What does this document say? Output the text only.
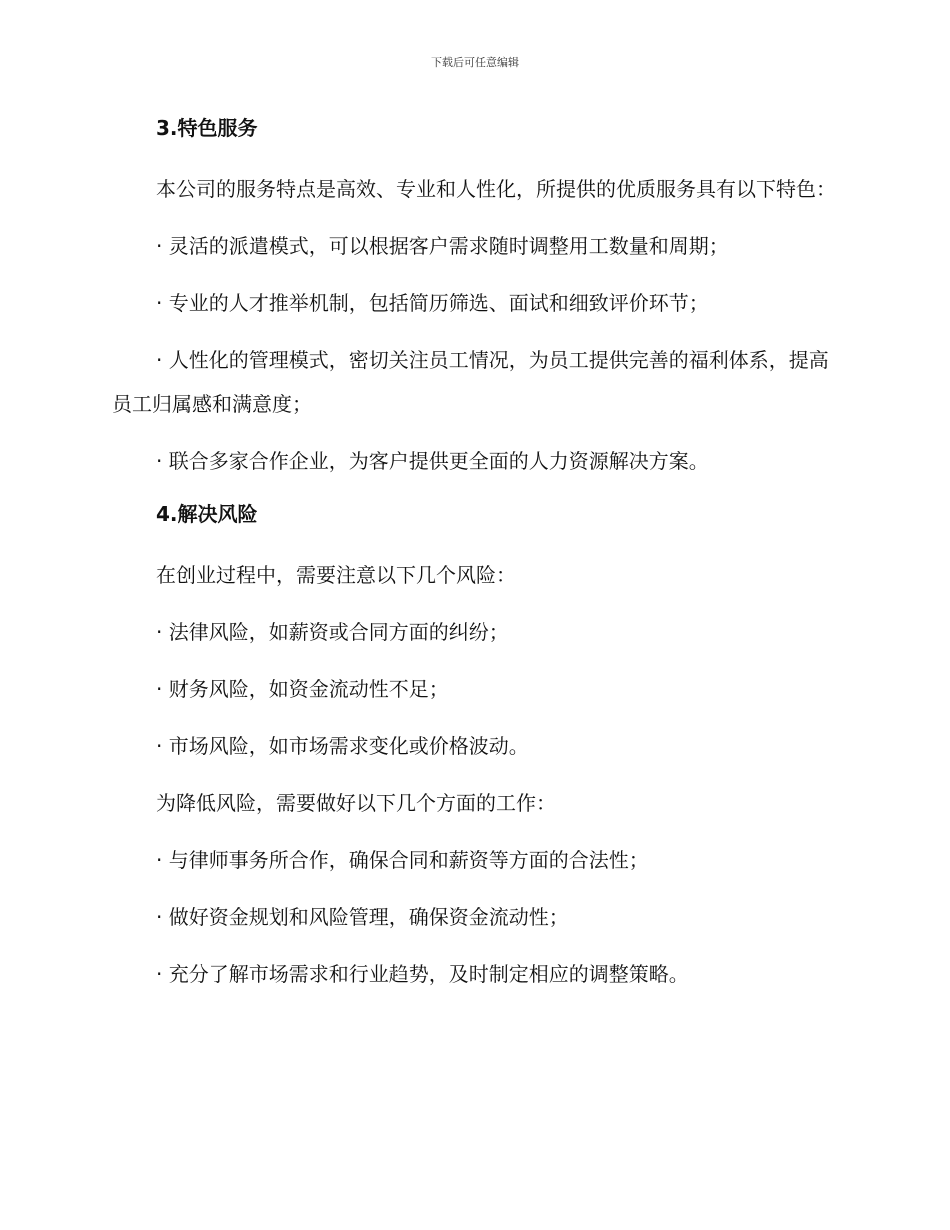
下载后可任意编辑
3.特色服务

本公司的服务特点是高效、专业和人性化，所提供的优质服务具有以下特色：

· 灵活的派遣模式，可以根据客户需求随时调整用工数量和周期；

· 专业的人才推举机制，包括简历筛选、面试和细致评价环节；

· 人性化的管理模式，密切关注员工情况，为员工提供完善的福利体系，提高员工归属感和满意度；

· 联合多家合作企业，为客户提供更全面的人力资源解决方案。

4.解决风险

在创业过程中，需要注意以下几个风险：

· 法律风险，如薪资或合同方面的纠纷；

· 财务风险，如资金流动性不足；

· 市场风险，如市场需求变化或价格波动。

为降低风险，需要做好以下几个方面的工作：

· 与律师事务所合作，确保合同和薪资等方面的合法性；

· 做好资金规划和风险管理，确保资金流动性；

· 充分了解市场需求和行业趋势，及时制定相应的调整策略。
